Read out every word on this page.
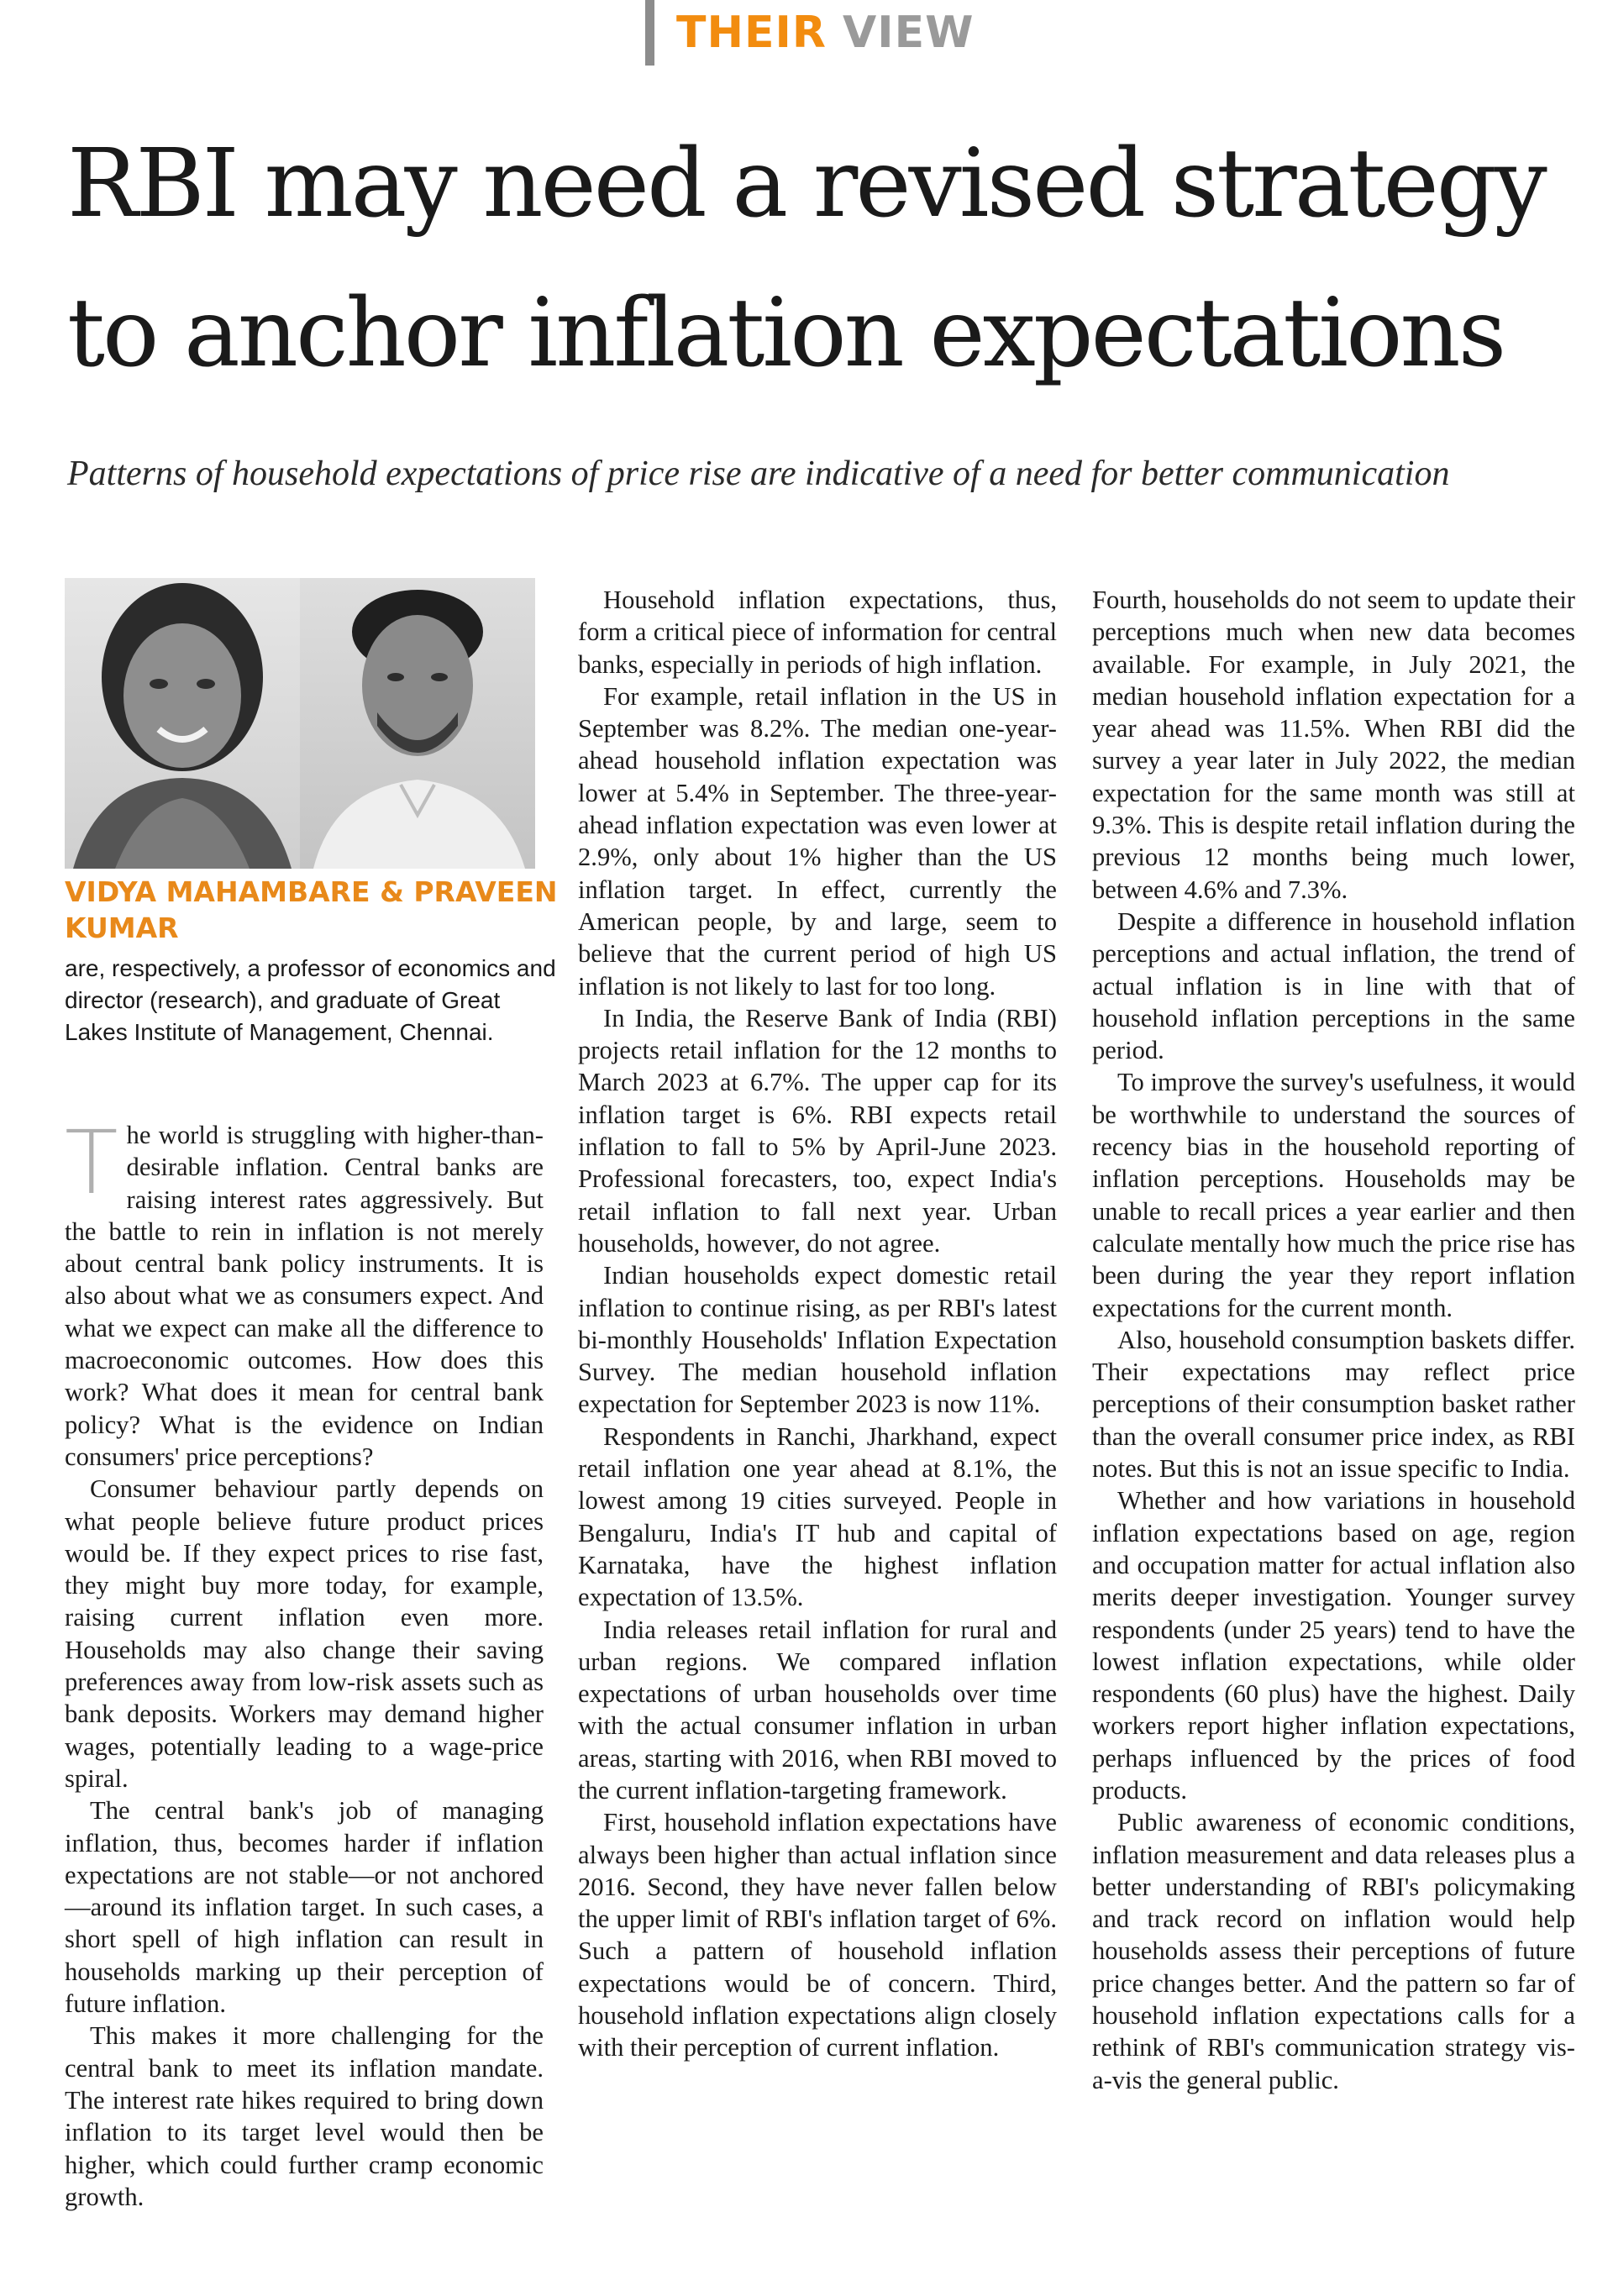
THEIR VIEW
RBI may need a revised strategy
to anchor inflation expectations

Patterns of household expectations of price rise are indicative of a need for better communication

VIDYA MAHAMBARE & PRAVEEN KUMAR

are, respectively, a professor of economics and director (research), and graduate of Great Lakes Institute of Management, Chennai.

The world is struggling with higher-than-desirable inflation. Central banks are raising interest rates aggressively. But the battle to rein in inflation is not merely about central bank policy instruments. It is also about what we as consumers expect. And what we expect can make all the difference to macroeconomic outcomes. How does this work? What does it mean for central bank policy? What is the evidence on Indian consumers' price perceptions?

Consumer behaviour partly depends on what people believe future product prices would be. If they expect prices to rise fast, they might buy more today, for example, raising current inflation even more. Households may also change their saving preferences away from low-risk assets such as bank deposits. Workers may demand higher wages, potentially leading to a wage-price spiral.

The central bank's job of managing inflation, thus, becomes harder if inflation expectations are not stable—or not anchored—around its inflation target. In such cases, a short spell of high inflation can result in households marking up their perception of future inflation.

This makes it more challenging for the central bank to meet its inflation mandate. The interest rate hikes required to bring down inflation to its target level would then be higher, which could further cramp economic growth.

Household inflation expectations, thus, form a critical piece of information for central banks, especially in periods of high inflation.

For example, retail inflation in the US in September was 8.2%. The median one-year-ahead household inflation expectation was lower at 5.4% in September. The three-year-ahead inflation expectation was even lower at 2.9%, only about 1% higher than the US inflation target. In effect, currently the American people, by and large, seem to believe that the current period of high US inflation is not likely to last for too long.

In India, the Reserve Bank of India (RBI) projects retail inflation for the 12 months to March 2023 at 6.7%. The upper cap for its inflation target is 6%. RBI expects retail inflation to fall to 5% by April-June 2023. Professional forecasters, too, expect India's retail inflation to fall next year. Urban households, however, do not agree.

Indian households expect domestic retail inflation to continue rising, as per RBI's latest bi-monthly Households' Inflation Expectation Survey. The median household inflation expectation for September 2023 is now 11%.

Respondents in Ranchi, Jharkhand, expect retail inflation one year ahead at 8.1%, the lowest among 19 cities surveyed. People in Bengaluru, India's IT hub and capital of Karnataka, have the highest inflation expectation of 13.5%.

India releases retail inflation for rural and urban regions. We compared inflation expectations of urban households over time with the actual consumer inflation in urban areas, starting with 2016, when RBI moved to the current inflation-targeting framework.

First, household inflation expectations have always been higher than actual inflation since 2016. Second, they have never fallen below the upper limit of RBI's inflation target of 6%. Such a pattern of household inflation expectations would be of concern. Third, household inflation expectations align closely with their perception of current inflation.

Fourth, households do not seem to update their perceptions much when new data becomes available. For example, in July 2021, the median household inflation expectation for a year ahead was 11.5%. When RBI did the survey a year later in July 2022, the median expectation for the same month was still at 9.3%. This is despite retail inflation during the previous 12 months being much lower, between 4.6% and 7.3%.

Despite a difference in household inflation perceptions and actual inflation, the trend of actual inflation is in line with that of household inflation perceptions in the same period.

To improve the survey's usefulness, it would be worthwhile to understand the sources of recency bias in the household reporting of inflation perceptions. Households may be unable to recall prices a year earlier and then calculate mentally how much the price rise has been during the year they report inflation expectations for the current month.

Also, household consumption baskets differ. Their expectations may reflect price perceptions of their consumption basket rather than the overall consumer price index, as RBI notes. But this is not an issue specific to India.

Whether and how variations in household inflation expectations based on age, region and occupation matter for actual inflation also merits deeper investigation. Younger survey respondents (under 25 years) tend to have the lowest inflation expectations, while older respondents (60 plus) have the highest. Daily workers report higher inflation expectations, perhaps influenced by the prices of food products.

Public awareness of economic conditions, inflation measurement and data releases plus a better understanding of RBI's policymaking and track record on inflation would help households assess their perceptions of future price changes better. And the pattern so far of household inflation expectations calls for a rethink of RBI's communication strategy vis-a-vis the general public.
